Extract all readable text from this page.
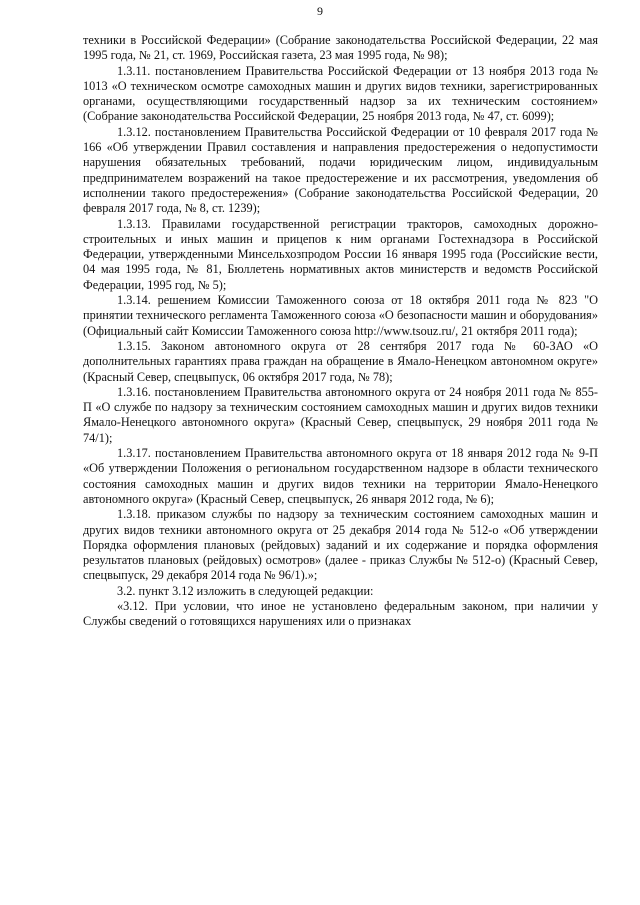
9

техники в Российской Федерации» (Собрание законодательства Российской Федерации, 22 мая 1995 года, № 21, ст. 1969, Российская газета, 23 мая 1995 года, № 98);

1.3.11. постановлением Правительства Российской Федерации от 13 ноября 2013 года № 1013 «О техническом осмотре самоходных машин и других видов техники, зарегистрированных органами, осуществляющими государственный надзор за их техническим состоянием» (Собрание законодательства Российской Федерации, 25 ноября 2013 года, № 47, ст. 6099);

1.3.12. постановлением Правительства Российской Федерации от 10 февраля 2017 года № 166 «Об утверждении Правил составления и направления предостережения о недопустимости нарушения обязательных требований, подачи юридическим лицом, индивидуальным предпринимателем возражений на такое предостережение и их рассмотрения, уведомления об исполнении такого предостережения» (Собрание законодательства Российской Федерации, 20 февраля 2017 года, № 8, ст. 1239);

1.3.13. Правилами государственной регистрации тракторов, самоходных дорожно-строительных и иных машин и прицепов к ним органами Гостехнадзора в Российской Федерации, утвержденными Минсельхозпродом России 16 января 1995 года (Российские вести, 04 мая 1995 года, № 81, Бюллетень нормативных актов министерств и ведомств Российской Федерации, 1995 год, № 5);

1.3.14. решением Комиссии Таможенного союза от 18 октября 2011 года № 823 "О принятии технического регламента Таможенного союза «О безопасности машин и оборудования» (Официальный сайт Комиссии Таможенного союза http://www.tsouz.ru/, 21 октября 2011 года);

1.3.15. Законом автономного округа от 28 сентября 2017 года № 60-ЗАО «О дополнительных гарантиях права граждан на обращение в Ямало-Ненецком автономном округе» (Красный Север, спецвыпуск, 06 октября 2017 года, № 78);

1.3.16. постановлением Правительства автономного округа от 24 ноября 2011 года № 855-П «О службе по надзору за техническим состоянием самоходных машин и других видов техники Ямало-Ненецкого автономного округа» (Красный Север, спецвыпуск, 29 ноября 2011 года № 74/1);

1.3.17. постановлением Правительства автономного округа от 18 января 2012 года № 9-П «Об утверждении Положения о региональном государственном надзоре в области технического состояния самоходных машин и других видов техники на территории Ямало-Ненецкого автономного округа» (Красный Север, спецвыпуск, 26 января 2012 года, № 6);

1.3.18. приказом службы по надзору за техническим состоянием самоходных машин и других видов техники автономного округа от 25 декабря 2014 года № 512-о «Об утверждении Порядка оформления плановых (рейдовых) заданий и их содержание и порядка оформления результатов плановых (рейдовых) осмотров» (далее - приказ Службы № 512-о) (Красный Север, спецвыпуск, 29 декабря 2014 года № 96/1).»;

3.2. пункт 3.12 изложить в следующей редакции:

«3.12. При условии, что иное не установлено федеральным законом, при наличии у Службы сведений о готовящихся нарушениях или о признаках
